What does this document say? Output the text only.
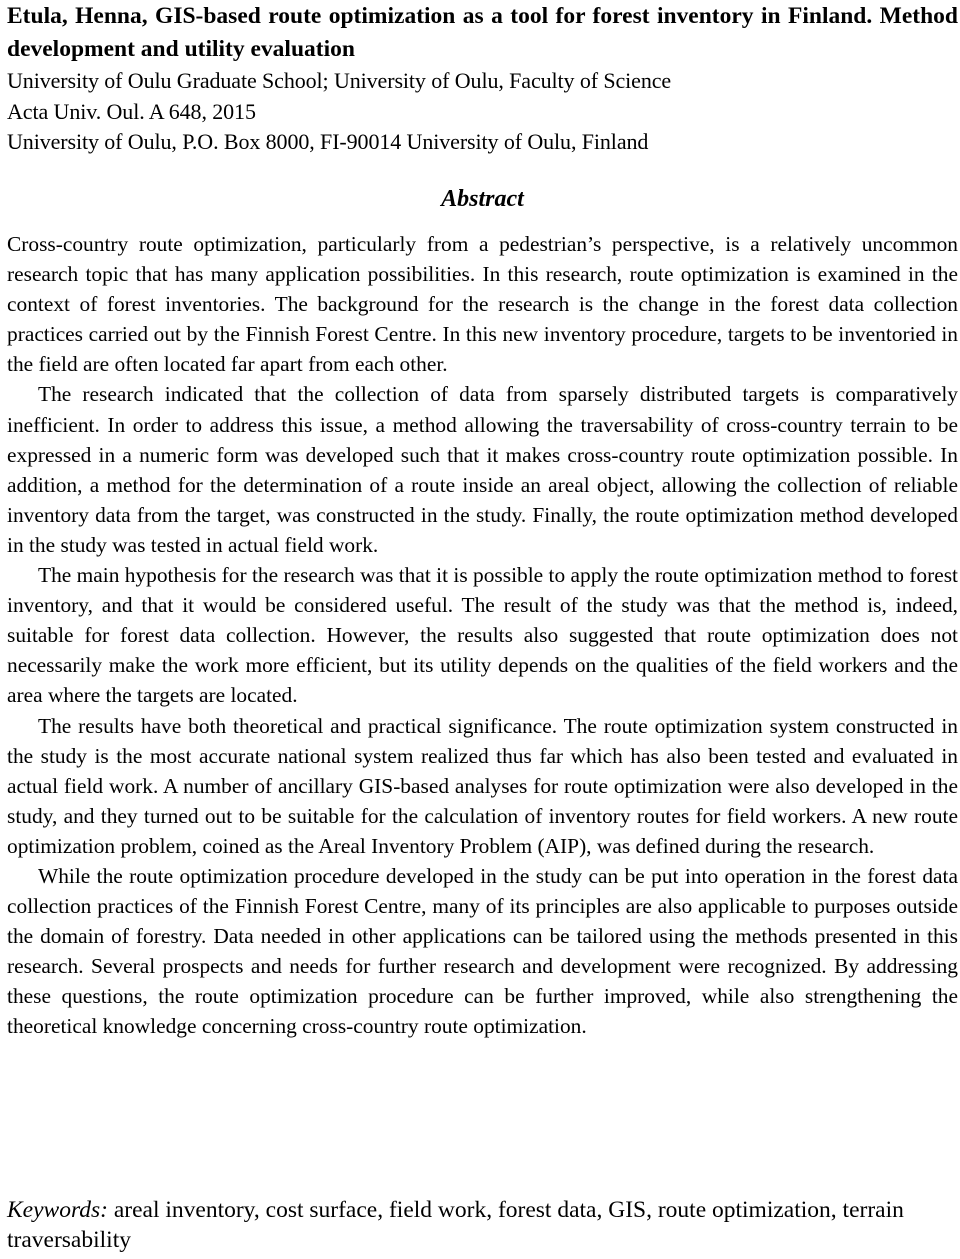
Etula, Henna, GIS-based route optimization as a tool for forest inventory in Finland. Method development and utility evaluation

University of Oulu Graduate School; University of Oulu, Faculty of Science

Acta Univ. Oul. A 648, 2015

University of Oulu, P.O. Box 8000, FI-90014 University of Oulu, Finland

Abstract

Cross-country route optimization, particularly from a pedestrian’s perspective, is a relatively uncommon research topic that has many application possibilities. In this research, route optimization is examined in the context of forest inventories. The background for the research is the change in the forest data collection practices carried out by the Finnish Forest Centre. In this new inventory procedure, targets to be inventoried in the field are often located far apart from each other.

The research indicated that the collection of data from sparsely distributed targets is comparatively inefficient. In order to address this issue, a method allowing the traversability of cross-country terrain to be expressed in a numeric form was developed such that it makes cross-country route optimization possible. In addition, a method for the determination of a route inside an areal object, allowing the collection of reliable inventory data from the target, was constructed in the study. Finally, the route optimization method developed in the study was tested in actual field work.

The main hypothesis for the research was that it is possible to apply the route optimization method to forest inventory, and that it would be considered useful. The result of the study was that the method is, indeed, suitable for forest data collection. However, the results also suggested that route optimization does not necessarily make the work more efficient, but its utility depends on the qualities of the field workers and the area where the targets are located.

The results have both theoretical and practical significance. The route optimization system constructed in the study is the most accurate national system realized thus far which has also been tested and evaluated in actual field work. A number of ancillary GIS-based analyses for route optimization were also developed in the study, and they turned out to be suitable for the calculation of inventory routes for field workers. A new route optimization problem, coined as the Areal Inventory Problem (AIP), was defined during the research.

While the route optimization procedure developed in the study can be put into operation in the forest data collection practices of the Finnish Forest Centre, many of its principles are also applicable to purposes outside the domain of forestry. Data needed in other applications can be tailored using the methods presented in this research. Several prospects and needs for further research and development were recognized. By addressing these questions, the route optimization procedure can be further improved, while also strengthening the theoretical knowledge concerning cross-country route optimization.

Keywords: areal inventory, cost surface, field work, forest data, GIS, route optimization, terrain traversability
